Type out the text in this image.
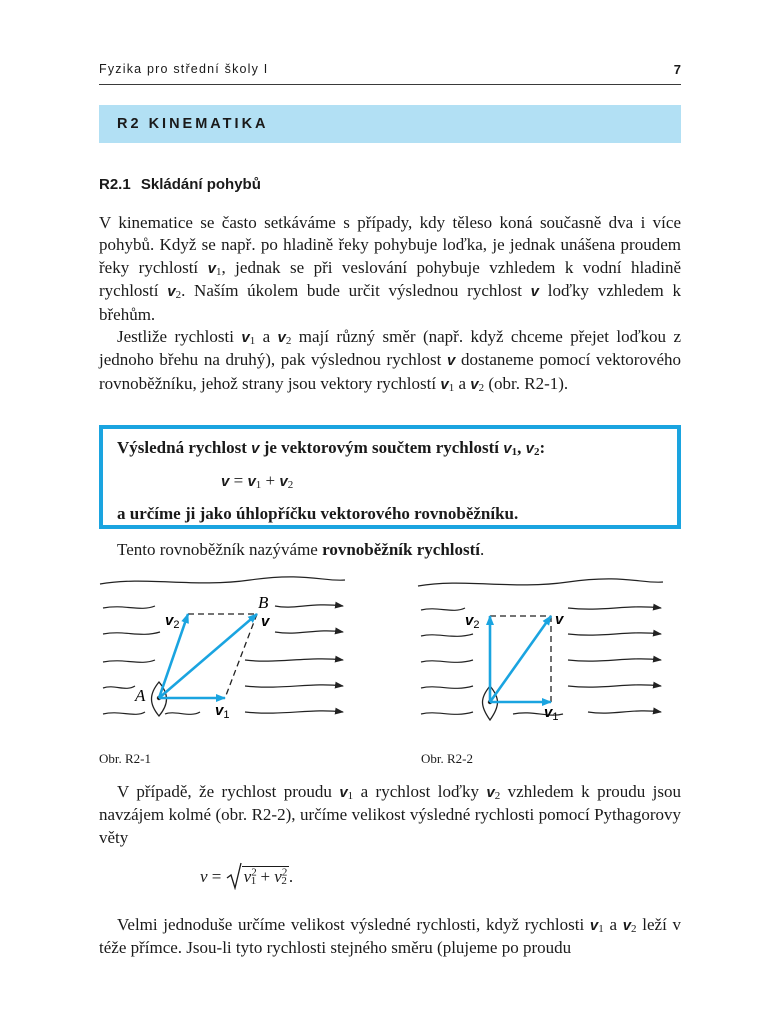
Fyzika pro střední školy I	7
R2 KINEMATIKA
R2.1 Skládání pohybů

V kinematice se často setkáváme s případy, kdy těleso koná současně dva i více pohybů. Když se např. po hladině řeky pohybuje loďka, je jednak unášena proudem řeky rychlostí $v_1$, jednak se při veslování pohybuje vzhledem k vodní hladině rychlostí $v_2$. Naším úkolem bude určit výslednou rychlost v loďky vzhledem k břehům.

Jestliže rychlosti $v_1$ a $v_2$ mají různý směr (např. když chceme přejet loďkou z jednoho břehu na druhý), pak výslednou rychlost v dostaneme pomocí vektorového rovnoběžníku, jehož strany jsou vektory rychlostí $v_1$ a $v_2$ (obr. R2-1).

Výsledná rychlost v je vektorovým součtem rychlostí $v_1$, $v_2$:
$v = v_1 + v_2$
a určíme ji jako úhlopříčku vektorového rovnoběžníku.

Tento rovnoběžník nazýváme rovnoběžník rychlostí.

A
B
v
$v_2$
$v_1$
v
$v_2$
$v_1$
Obr. R2-1	Obr. R2-2

V případě, že rychlost proudu $v_1$ a rychlost loďky $v_2$ vzhledem k proudu jsou navzájem kolmé (obr. R2-2), určíme velikost výsledné rychlosti pomocí Pythagorovy věty

$v = v^2_1 + v^2_2$ .

Velmi jednoduše určíme velikost výsledné rychlosti, když rychlosti $v_1$ a $v_2$ leží v téže přímce. Jsou-li tyto rychlosti stejného směru (plujeme po proudu
